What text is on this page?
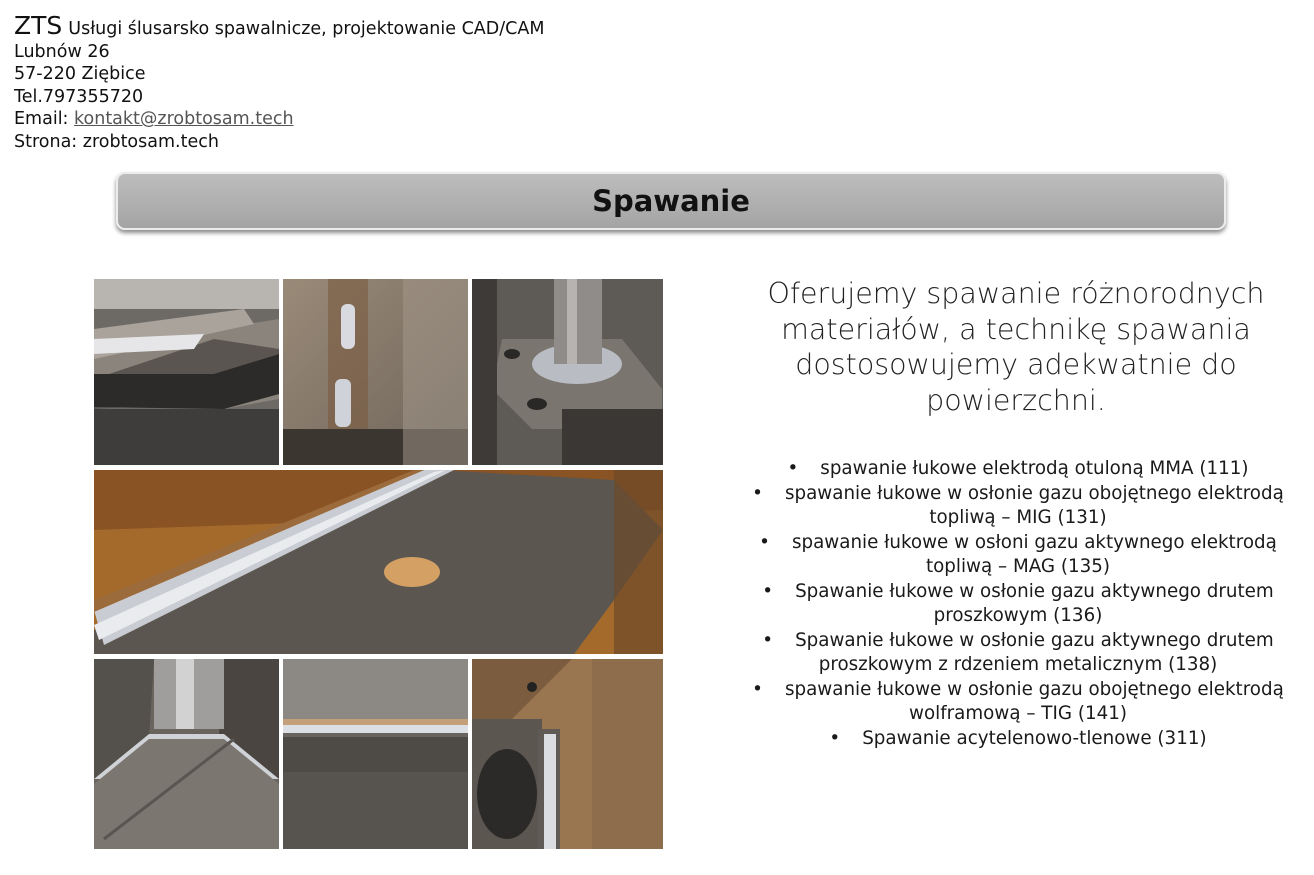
ZTS Usługi ślusarsko spawalnicze, projektowanie CAD/CAM
Lubnów 26
57-220 Ziębice
Tel.797355720
Email: kontakt@zrobtosam.tech
Strona: zrobtosam.tech
Spawanie
Oferujemy spawanie różnorodnych materiałów, a technikę spawania dostosowujemy adekwatnie do powierzchni.
• spawanie łukowe elektrodą otuloną MMA (111)
• spawanie łukowe w osłonie gazu obojętnego elektrodą topliwą – MIG (131)
• spawanie łukowe w osłoni gazu aktywnego elektrodą topliwą – MAG (135)
• Spawanie łukowe w osłonie gazu aktywnego drutem proszkowym (136)
• Spawanie łukowe w osłonie gazu aktywnego drutem proszkowym z rdzeniem metalicznym (138)
• spawanie łukowe w osłonie gazu obojętnego elektrodą wolframową – TIG (141)
• Spawanie acytelenowo-tlenowe (311)
